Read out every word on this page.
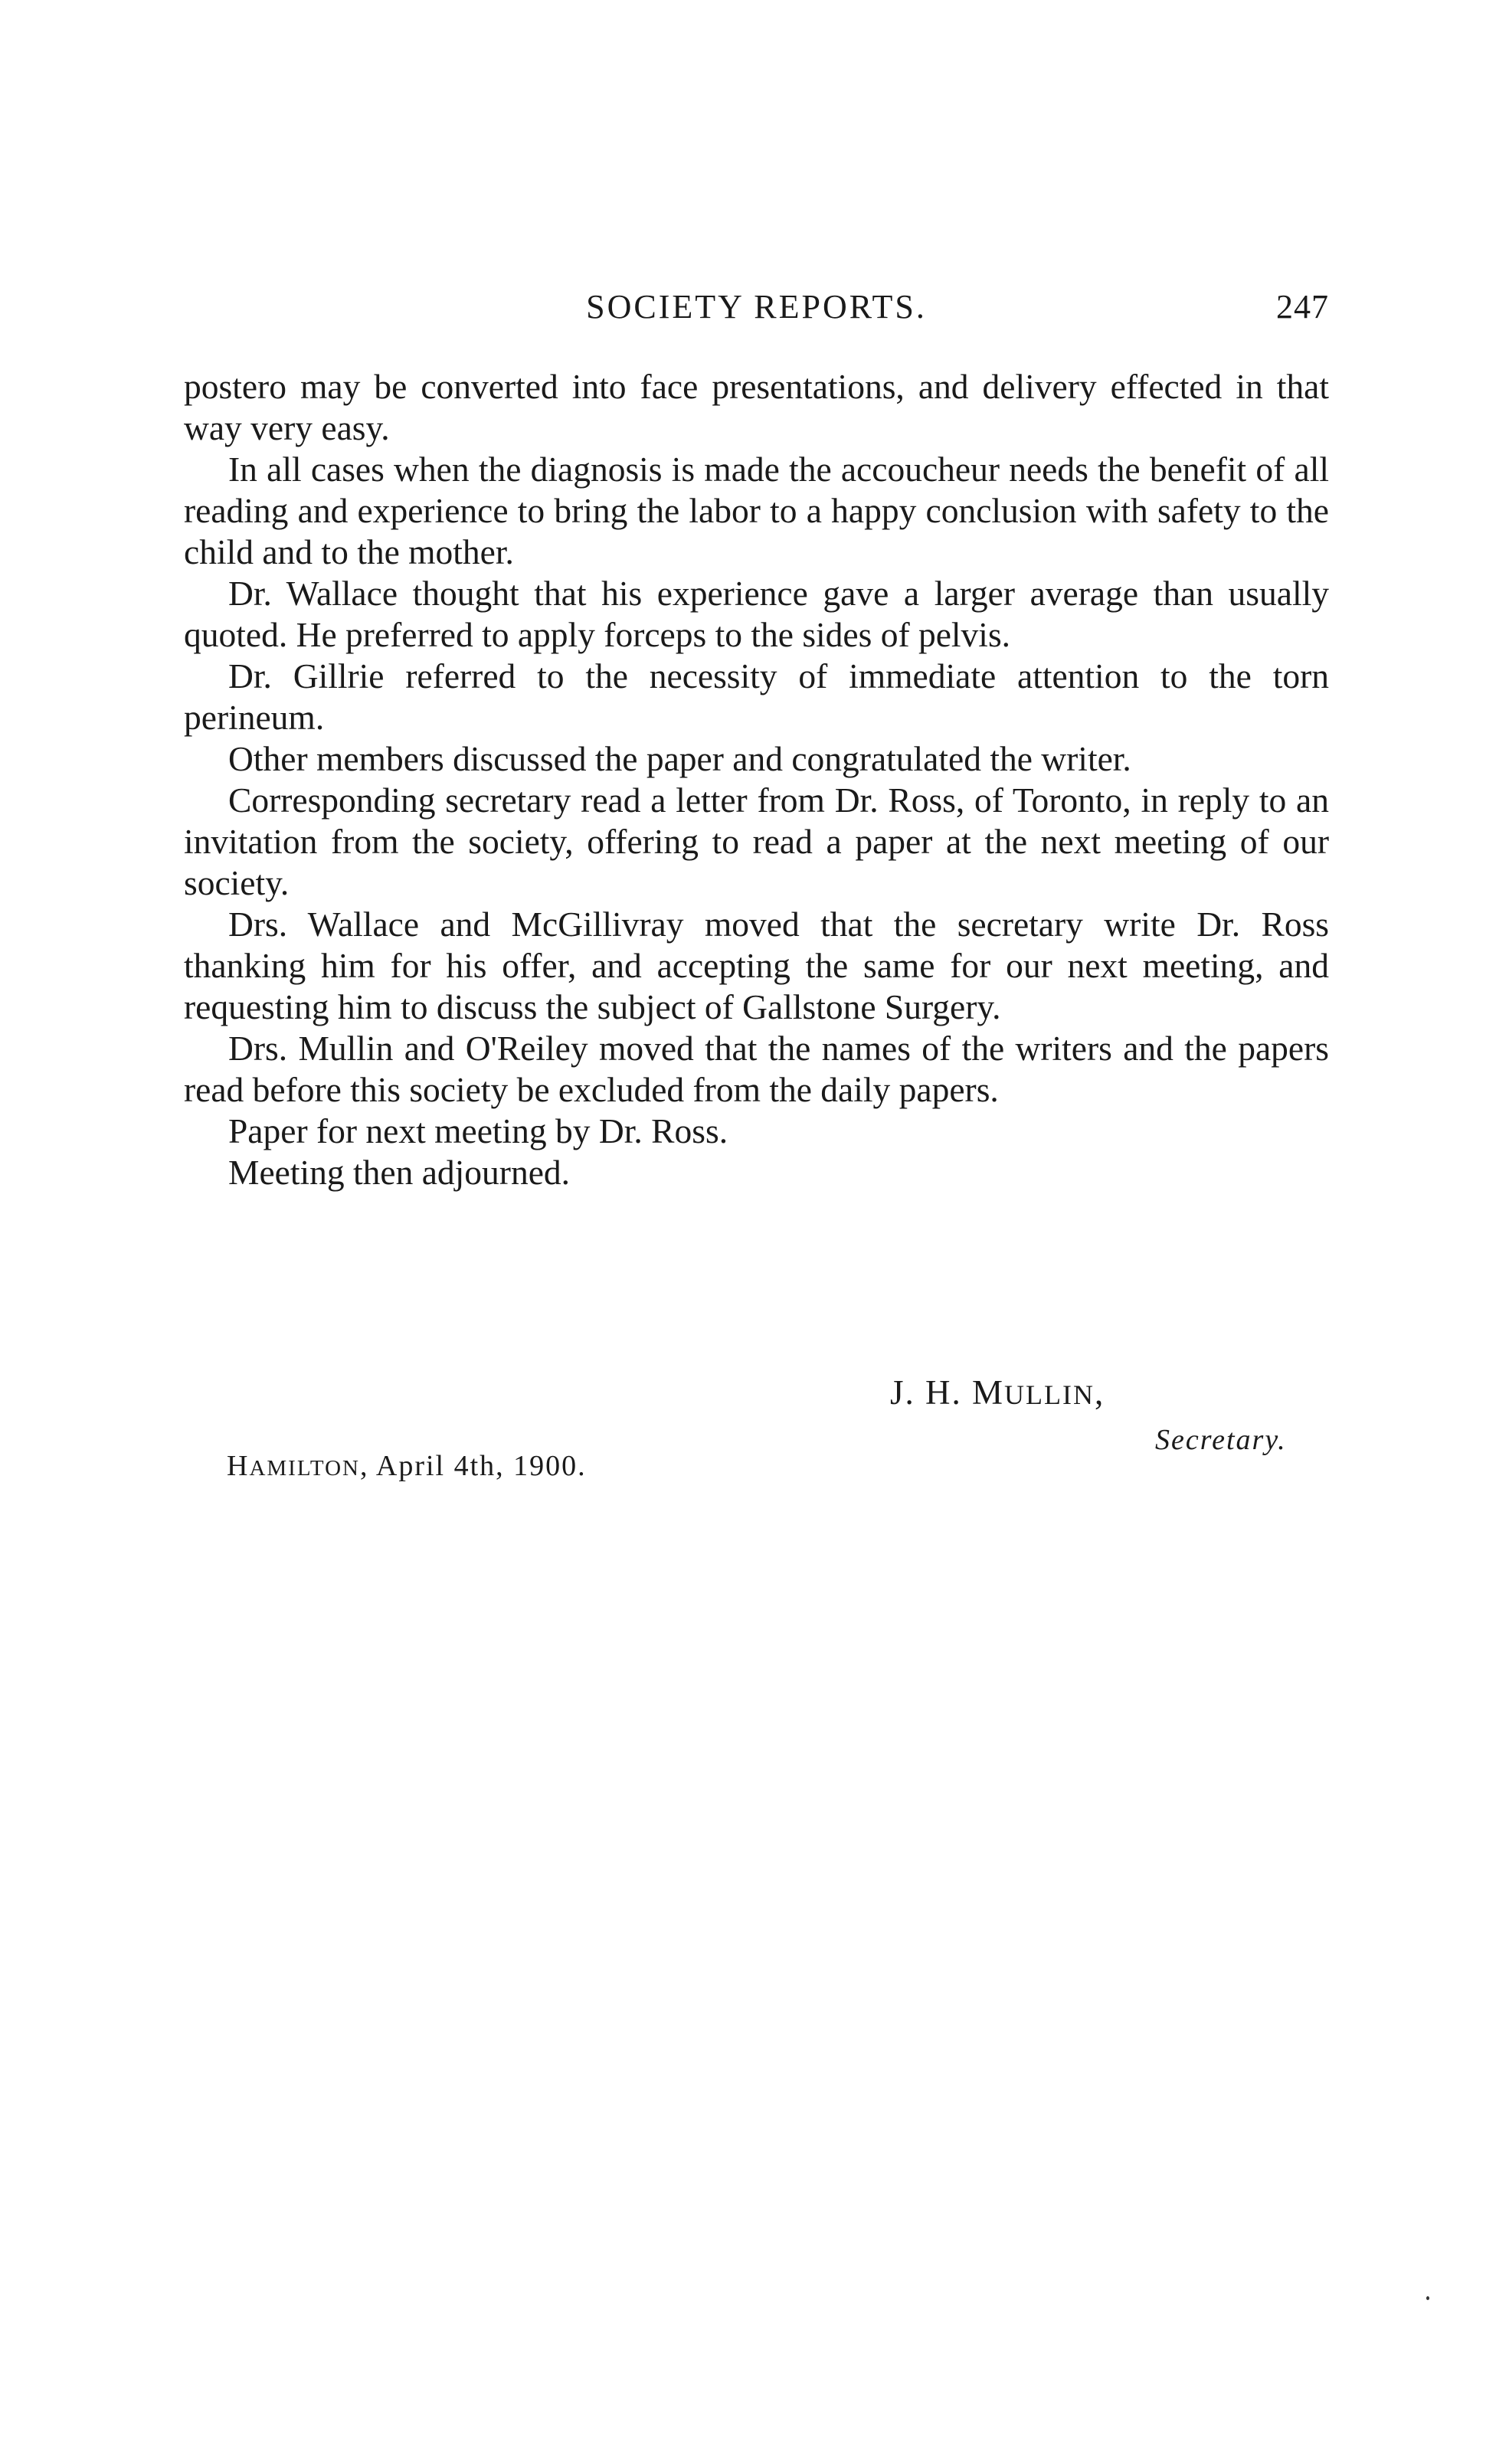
SOCIETY REPORTS.	247

postero may be converted into face presentations, and delivery effected in that way very easy.

In all cases when the diagnosis is made the accoucheur needs the benefit of all reading and experience to bring the labor to a happy conclusion with safety to the child and to the mother.

Dr. Wallace thought that his experience gave a larger average than usually quoted. He preferred to apply forceps to the sides of pelvis.

Dr. Gillrie referred to the necessity of immediate attention to the torn perineum.

Other members discussed the paper and congratulated the writer.

Corresponding secretary read a letter from Dr. Ross, of Toronto, in reply to an invitation from the society, offering to read a paper at the next meeting of our society.

Drs. Wallace and McGillivray moved that the secretary write Dr. Ross thanking him for his offer, and accepting the same for our next meeting, and requesting him to discuss the subject of Gallstone Surgery.

Drs. Mullin and O'Reiley moved that the names of the writers and the papers read before this society be excluded from the daily papers.

Paper for next meeting by Dr. Ross.

Meeting then adjourned.

J. H. MULLIN,
Secretary.
HAMILTON, April 4th, 1900.
